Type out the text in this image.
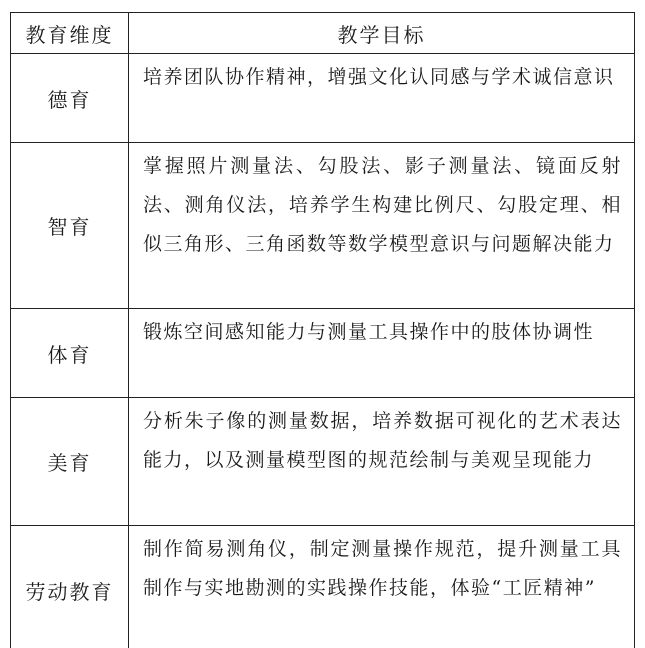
教育维度	教学目标
德育	培养团队协作精神，增强文化认同感与学术诚信意识
智育	掌握照片测量法、勾股法、影子测量法、镜面反射法、测角仪法，培养学生构建比例尺、勾股定理、相似三角形、三角函数等数学模型意识与问题解决能力
体育	锻炼空间感知能力与测量工具操作中的肢体协调性
美育	分析朱子像的测量数据，培养数据可视化的艺术表达能力，以及测量模型图的规范绘制与美观呈现能力
劳动教育	制作简易测角仪，制定测量操作规范，提升测量工具制作与实地勘测的实践操作技能，体验“工匠精神”
